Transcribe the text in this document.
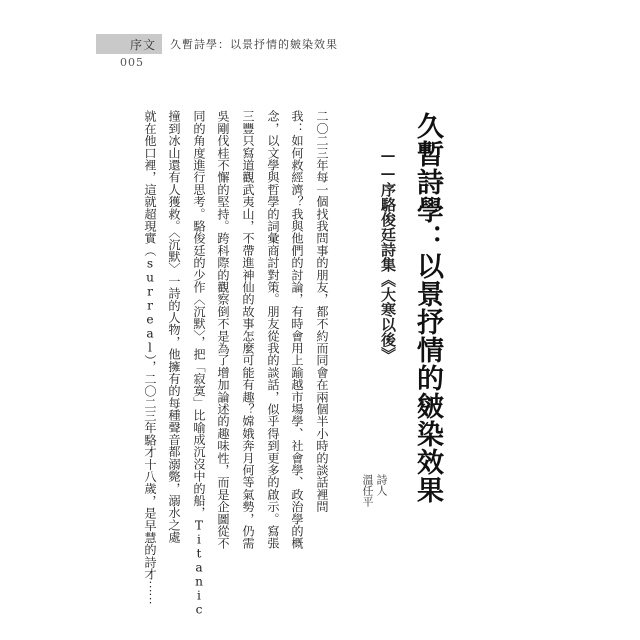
序文 久暫詩學：以景抒情的皴染效果
005
久暫詩學：以景抒情的皴染效果
——序駱俊廷詩集《大寒以後》
詩人
溫任平
二〇二三年每一個找我問事的朋友，都不約而同會在兩個半小時的談話裡問
我：如何救經濟？我與他們的討論，有時會用上踰越市場學、社會學、政治學的概
念，以文學與哲學的詞彙商討對策。朋友從我的談話，似乎得到更多的啟示。寫張
三豐只寫道觀武夷山，不帶進神仙的故事怎麼可能有趣？嫦娥奔月何等氣勢，仍需
吳剛伐桂不懈的堅持。跨科際的觀察倒不是為了增加論述的趣味性，而是企圖從不
同的角度進行思考。駱俊廷的少作〈沉默〉，把「寂寞」比喻成沉沒中的船，Titanic
撞到冰山還有人獲救。〈沉默〉一詩的人物，他擁有的每種聲音都溺斃，溺水之處
就在他口裡，這就超現實（surreal），二〇二三年駱才十八歲，是早慧的詩才⋯⋯
